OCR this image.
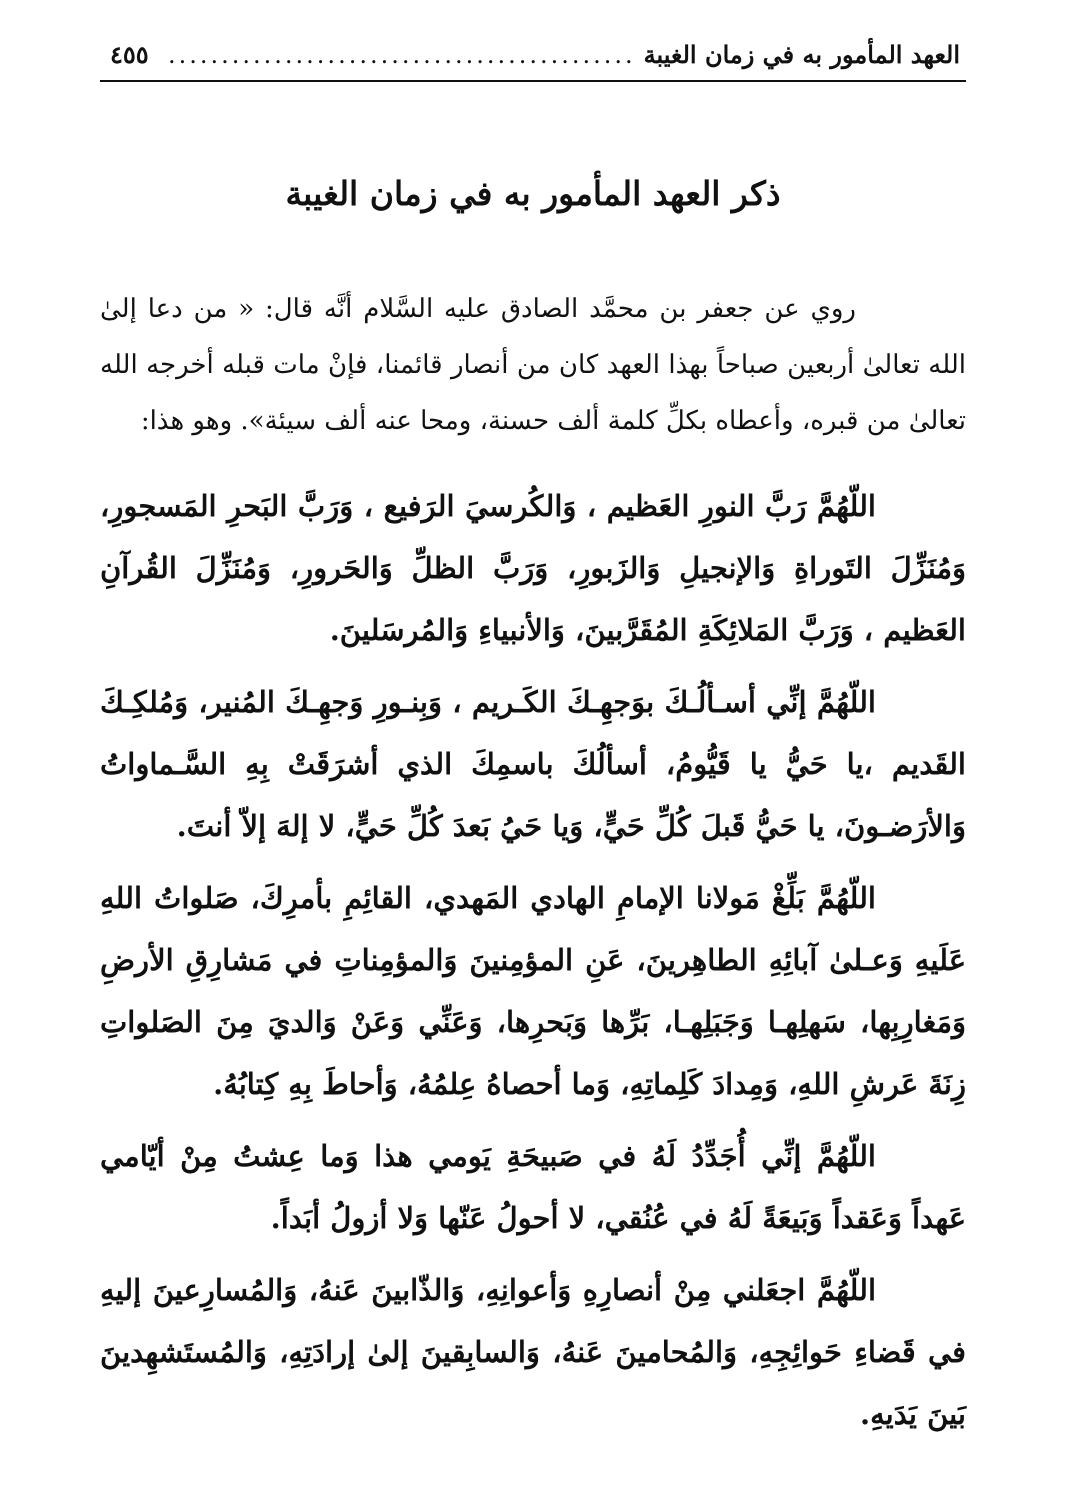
العهد المأمور به في زمان الغيبة
............................................
٤٥٥
ذكر العهد المأمور به في زمان الغيبة

روي عن جعفر بن محمَّد الصادق عليه السَّلام أنَّه قال: « من دعا إلىٰ الله تعالىٰ أربعين صباحاً بهذا العهد كان من أنصار قائمنا، فإنْ مات قبله أخرجه الله تعالىٰ من قبره، وأعطاه بكلِّ كلمة ألف حسنة، ومحا عنه ألف سيئة». وهو هذا:

اللّهُمَّ رَبَّ النورِ العَظيم ، وَالكُرسيَ الرَفيع ، وَرَبَّ البَحرِ المَسجورِ، وَمُنَزِّلَ التَوراةِ وَالإنجيلِ وَالزَبورِ، وَرَبَّ الظلِّ وَالحَرورِ، وَمُنَزِّلَ القُرآنِ العَظيم ، وَرَبَّ المَلائِكَةِ المُقَرَّبينَ، وَالأنبياءِ وَالمُرسَلينَ.

اللّهُمَّ إنِّي أسـألُـكَ بوَجهِـكَ الكَـريم ، وَبِنـورِ وَجهِـكَ المُنير، وَمُلكِـكَ القَديم ،يا حَيُّ يا قَيُّومُ، أسألُكَ باسمِكَ الذي أشرَقَتْ بِهِ السَّـماواتُ وَالأرَضـونَ، يا حَيُّ قَبلَ كُلِّ حَيٍّ، وَيا حَيُ بَعدَ كُلِّ حَيٍّ، لا إلهَ إلاّ أنتَ.

اللّهُمَّ بَلِّغْ مَولانا الإمامِ الهادي المَهدي، القائِمِ بأمرِكَ، صَلواتُ اللهِ عَلَيهِ وَعـلىٰ آبائِهِ الطاهِرينَ، عَنِ المؤمِنينَ وَالمؤمِناتِ في مَشارِقِ الأرضِ وَمَغارِبِها، سَهلِهـا وَجَبَلِهـا، بَرِّها وَبَحرِها، وَعَنِّي وَعَنْ وَالديَ مِنَ الصَلواتِ زِنَةَ عَرشِ اللهِ، وَمِدادَ كَلِماتِهِ، وَما أحصاهُ عِلمُهُ، وَأحاطَ بِهِ كِتابُهُ.

اللّهُمَّ إنِّي أُجَدِّدُ لَهُ في صَبيحَةِ يَومي هذا وَما عِشتُ مِنْ أيّامي عَهداً وَعَقداً وَبَيعَةً لَهُ في عُنُقي، لا أحولُ عَنّها وَلا أزولُ أبَداً.

اللّهُمَّ اجعَلني مِنْ أنصارِهِ وَأعوانِهِ، وَالذّابينَ عَنهُ، وَالمُسارِعينَ إليهِ في قَضاءِ حَوائِجِهِ، وَالمُحامينَ عَنهُ، وَالسابِقينَ إلىٰ إرادَتِهِ، وَالمُستَشهِدينَ بَينَ يَدَيهِ.
